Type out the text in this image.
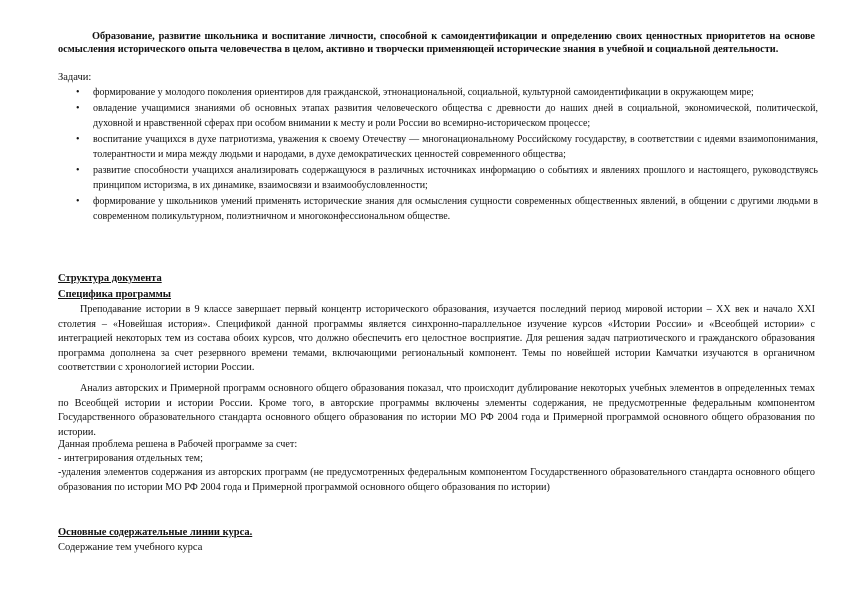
Образование, развитие школьника и воспитание личности, способной к самоидентификации и определению своих ценностных приоритетов на основе осмысления исторического опыта человечества в целом, активно и творчески применяющей исторические знания в учебной и социальной деятельности.
Задачи:
• формирование у молодого поколения ориентиров для гражданской, этнонациональной, социальной, культурной самоидентификации в окружающем мире;
• овладение учащимися знаниями об основных этапах развития человеческого общества с древности до наших дней в социальной, экономической, политической, духовной и нравственной сферах при особом внимании к месту и роли России во всемирно-историческом процессе;
• воспитание учащихся в духе патриотизма, уважения к своему Отечеству — многонациональному Российскому государству, в соответствии с идеями взаимопонимания, толерантности и мира между людьми и народами, в духе демократических ценностей современного общества;
• развитие способности учащихся анализировать содержащуюся в различных источниках информацию о событиях и явлениях прошлого и настоящего, руководствуясь принципом историзма, в их динамике, взаимосвязи и взаимообусловленности;
• формирование у школьников умений применять исторические знания для осмысления сущности современных общественных явлений, в общении с другими людьми в современном поликультурном, полиэтничном и многоконфессиональном обществе.
Структура документа
Специфика программы
Преподавание истории в 9 классе завершает первый концентр исторического образования, изучается последний период мировой истории – XX век и начало XXI столетия – «Новейшая история». Спецификой данной программы является синхронно-параллельное изучение курсов «Истории России» и «Всеобщей истории» с интеграцией некоторых тем из состава обоих курсов, что должно обеспечить его целостное восприятие. Для решения задач патриотического и гражданского образования программа дополнена за счет резервного времени темами, включающими региональный компонент. Темы по новейшей истории Камчатки изучаются в органичном соответствии с хронологией истории России.
Анализ авторских и Примерной программ основного общего образования показал, что происходит дублирование некоторых учебных элементов в определенных темах по Всеобщей истории и истории России. Кроме того, в авторские программы включены элементы содержания, не предусмотренные федеральным компонентом Государственного образовательного стандарта основного общего образования по истории МО РФ 2004 года и Примерной программой основного общего образования по истории.
Данная проблема решена в Рабочей программе за счет:
- интегрирования отдельных тем;
-удаления элементов содержания из авторских программ (не предусмотренных федеральным компонентом Государственного образовательного стандарта основного общего образования по истории МО РФ 2004 года и Примерной программой основного общего образования по истории)
Основные содержательные линии курса.
Содержание тем учебного курса
